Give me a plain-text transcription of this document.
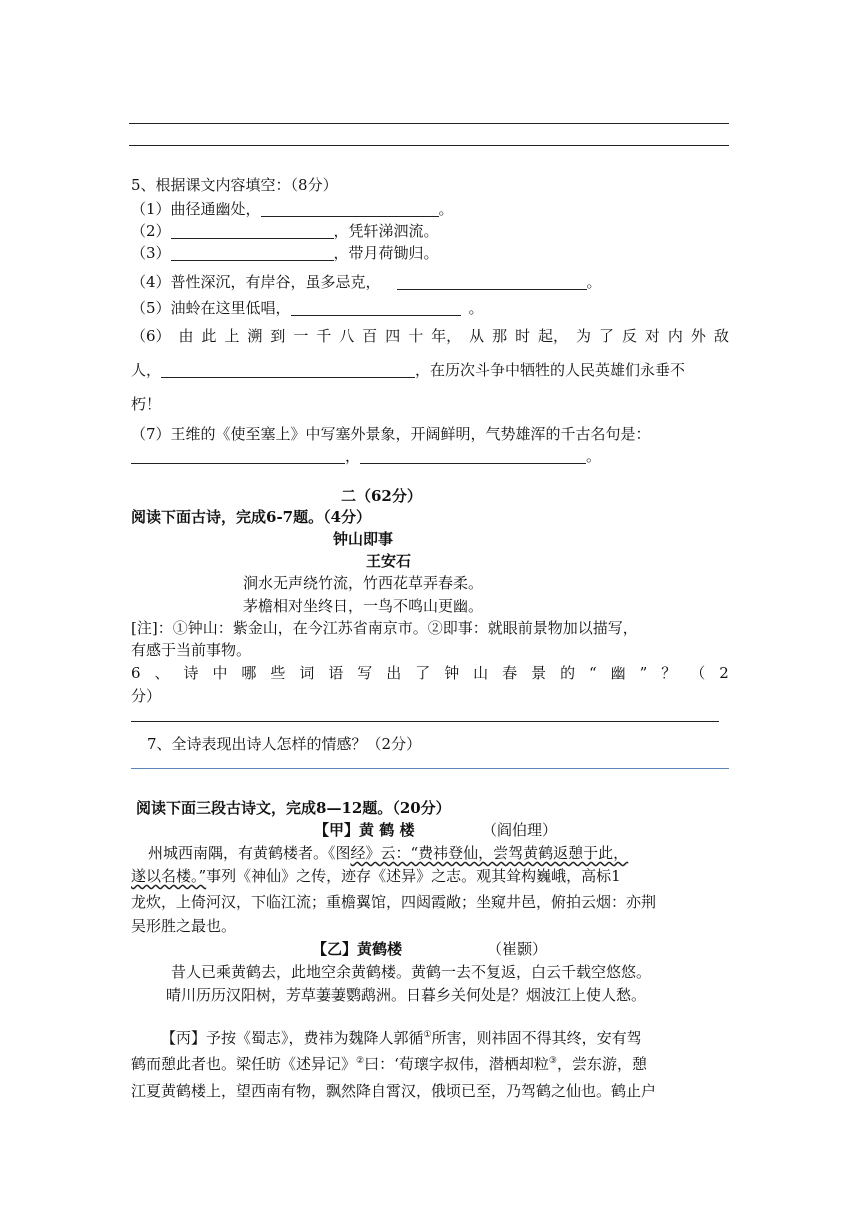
5、根据课文内容填空：（8分）
（1）曲径通幽处，	。
（2）	，凭轩涕泗流。
（3）	，带月荷锄归。
（4）普性深沉，有岸谷，虽多忌克，	。
（5）油蛉在这里低唱，	。
（6） 由 此 上 溯 到 一 千 八 百 四 十 年， 从 那 时 起， 为 了 反 对 内 外 敌
人，	，在历次斗争中牺牲的人民英雄们永垂不
朽！
（7）王维的《使至塞上》中写塞外景象，开阔鲜明，气势雄浑的千古名句是：
，	。
二（62分）
阅读下面古诗，完成6-7题。（4分）
钟山即事
王安石
涧水无声绕竹流，竹西花草弄春柔。
茅檐相对坐终日，一鸟不鸣山更幽。
[注]：①钟山：紫金山，在今江苏省南京市。②即事：就眼前景物加以描写，
有感于当前事物。
6 、 诗 中 哪 些 词 语 写 出 了 钟 山 春 景 的 “ 幽 ” ？ （ 2
分）
7、全诗表现出诗人怎样的情感？（2分）
阅读下面三段古诗文，完成8—12题。（20分）
【甲】黄 鹤 楼	（阎伯理）
州城西南隅，有黄鹤楼者。《图经》云：“费祎登仙，尝驾黄鹤返憩于此，
遂以名楼。”事列《神仙》之传，迹存《述异》之志。观其耸构巍峨，高标1
龙炊，上倚河汉，下临江流；重檐翼馆，四闼霞敞；坐窥井邑，俯拍云烟：亦荆
吴形胜之最也。
【乙】黄鹤楼	（崔颢）
昔人已乘黄鹤去，此地空余黄鹤楼。黄鹤一去不复返，白云千载空悠悠。
晴川历历汉阳树，芳草萋萋鹦鹉洲。日暮乡关何处是？烟波江上使人愁。
【丙】予按《蜀志》，费祎为魏降人郭循①所害，则祎固不得其终，安有驾
鹤而憩此者也。梁任昉《述异记》②曰：‘荀瓌字叔伟，潜栖却粒③，尝东游，憩
江夏黄鹤楼上，望西南有物，飘然降自霄汉，俄顷已至，乃驾鹤之仙也。鹤止户
